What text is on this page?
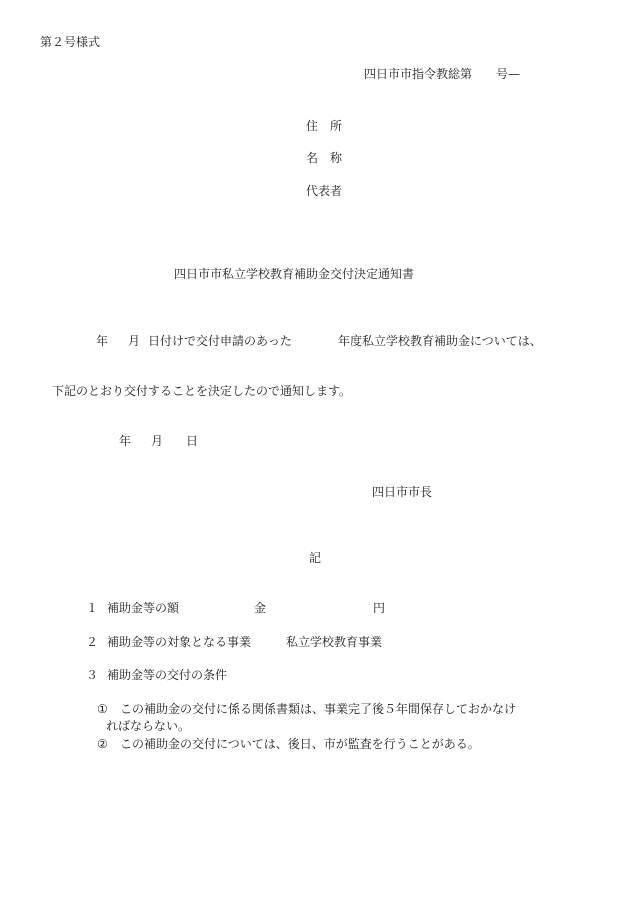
第２号様式
四日市市指令教総第　　号—
住　所
名　称
代表者
四日市市私立学校教育補助金交付決定通知書
年 月 日付けで交付申請のあった	年度私立学校教育補助金については、
下記のとおり交付することを決定したので通知します。
年 月 日
四日市市長
記
１ 補助金等の額	金	円
２ 補助金等の対象となる事業	私立学校教育事業
３ 補助金等の交付の条件
① この補助金の交付に係る関係書類は、事業完了後５年間保存しておかなけ
ればならない。
② この補助金の交付については、後日、市が監査を行うことがある。
